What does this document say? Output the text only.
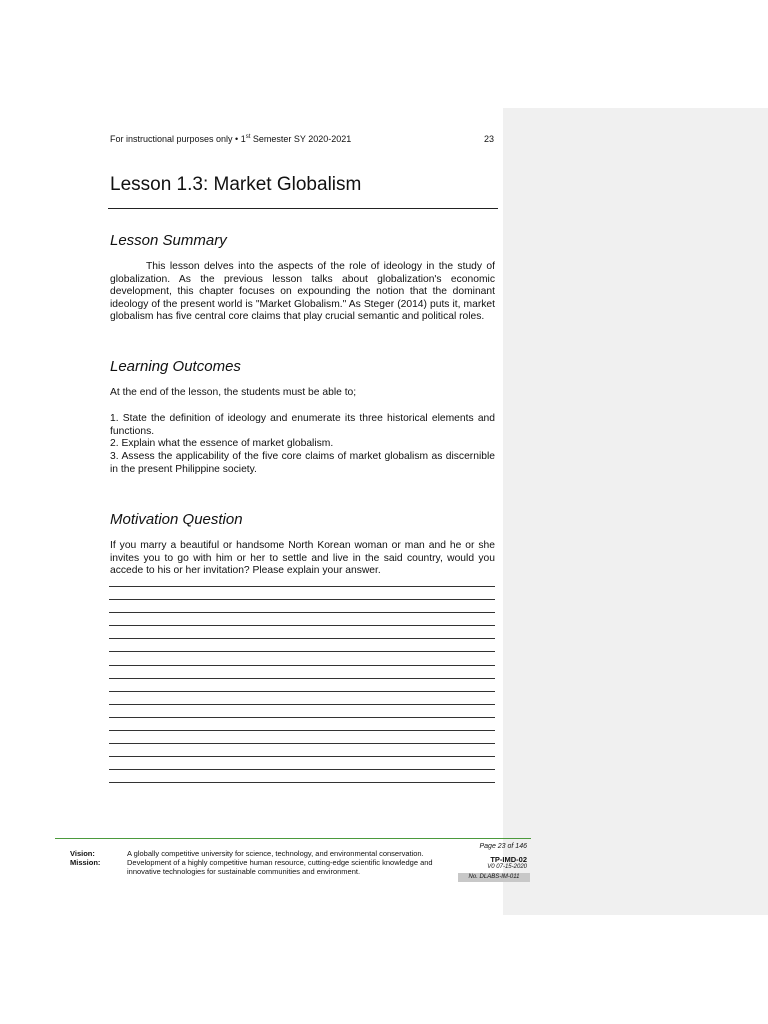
For instructional purposes only • 1st Semester SY 2020-2021	23
Lesson 1.3: Market Globalism
Lesson Summary
This lesson delves into the aspects of the role of ideology in the study of globalization. As the previous lesson talks about globalization's economic development, this chapter focuses on expounding the notion that the dominant ideology of the present world is "Market Globalism." As Steger (2014) puts it, market globalism has five central core claims that play crucial semantic and political roles.
Learning Outcomes
At the end of the lesson, the students must be able to;
1. State the definition of ideology and enumerate its three historical elements and functions.
2. Explain what the essence of market globalism.
3. Assess the applicability of the five core claims of market globalism as discernible in the present Philippine society.
Motivation Question
If you marry a beautiful or handsome North Korean woman or man and he or she invites you to go with him or her to settle and live in the said country, would you accede to his or her invitation? Please explain your answer.
Vision:
Mission:
A globally competitive university for science, technology, and environmental conservation.
Development of a highly competitive human resource, cutting-edge scientific knowledge and innovative technologies for sustainable communities and environment.
Page 23 of 146
TP-IMD-02
V0 07-15-2020
No. DLABS-IM-011
